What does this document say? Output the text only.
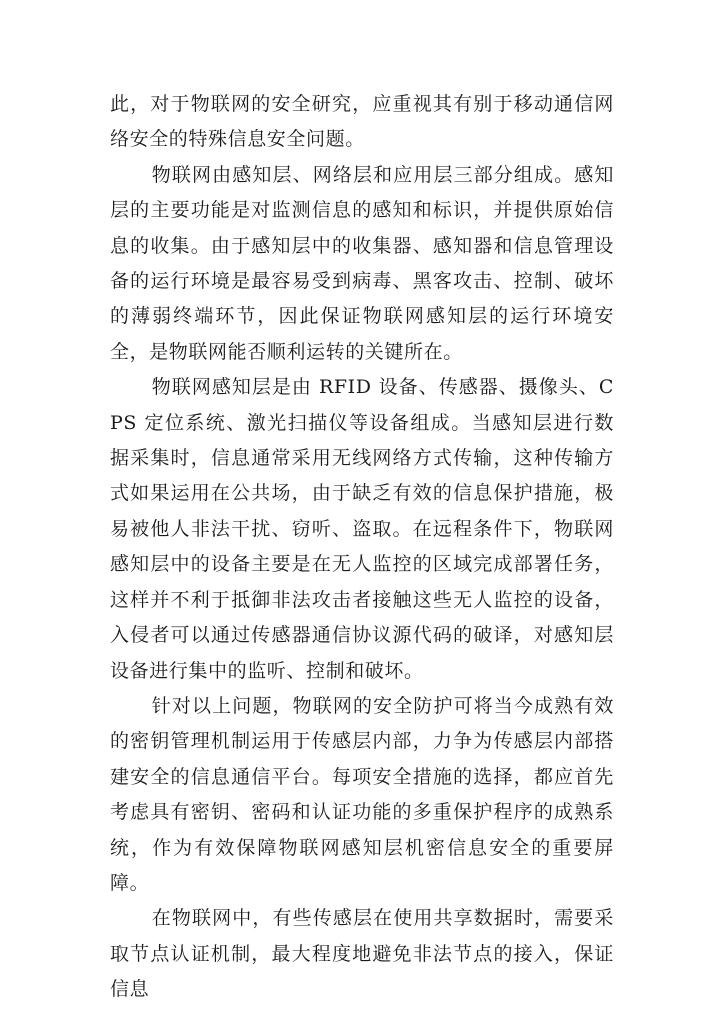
此，对于物联网的安全研究，应重视其有别于移动通信网络安全的特殊信息安全问题。

物联网由感知层、网络层和应用层三部分组成。感知层的主要功能是对监测信息的感知和标识，并提供原始信息的收集。由于感知层中的收集器、感知器和信息管理设备的运行环境是最容易受到病毒、黑客攻击、控制、破坏的薄弱终端环节，因此保证物联网感知层的运行环境安全，是物联网能否顺利运转的关键所在。

物联网感知层是由 RFID 设备、传感器、摄像头、CPS 定位系统、激光扫描仪等设备组成。当感知层进行数据采集时，信息通常采用无线网络方式传输，这种传输方式如果运用在公共场，由于缺乏有效的信息保护措施，极易被他人非法干扰、窃听、盗取。在远程条件下，物联网感知层中的设备主要是在无人监控的区域完成部署任务，这样并不利于抵御非法攻击者接触这些无人监控的设备，入侵者可以通过传感器通信协议源代码的破译，对感知层设备进行集中的监听、控制和破坏。

针对以上问题，物联网的安全防护可将当今成熟有效的密钥管理机制运用于传感层内部，力争为传感层内部搭建安全的信息通信平台。每项安全措施的选择，都应首先考虑具有密钥、密码和认证功能的多重保护程序的成熟系统，作为有效保障物联网感知层机密信息安全的重要屏障。

在物联网中，有些传感层在使用共享数据时，需要采取节点认证机制，最大程度地避免非法节点的接入，保证信息
